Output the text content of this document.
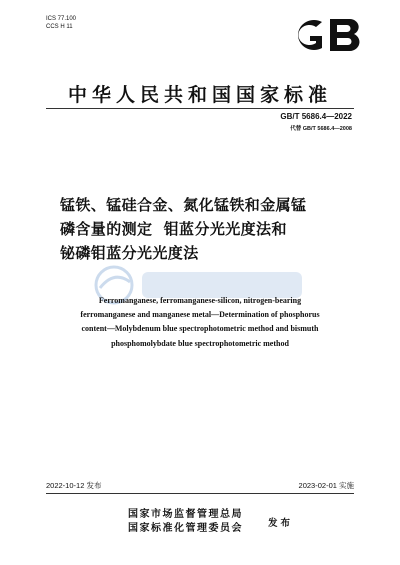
ICS 77.100
CCS H 11
中华人民共和国国家标准
GB/T 5686.4—2022
代替 GB/T 5686.4—2008
锰铁、锰硅合金、氮化锰铁和金属锰
磷含量的测定  钼蓝分光光度法和
铋磷钼蓝分光光度法
Ferromanganese, ferromanganese-silicon, nitrogen-bearing
ferromanganese and manganese metal—Determination of phosphorus
content—Molybdenum blue spectrophotometric method and bismuth
phosphomolybdate blue spectrophotometric method
2022-10-12 发布	2023-02-01 实施
国家市场监督管理总局
国家标准化管理委员会	发布
